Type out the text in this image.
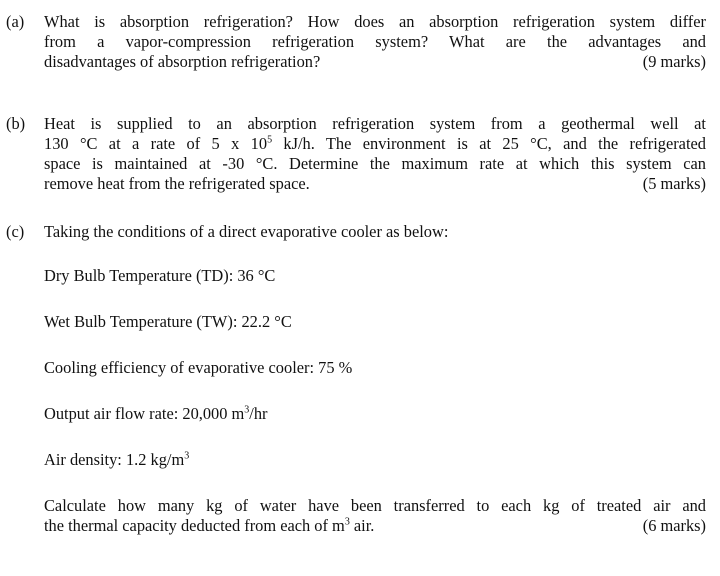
(a) What is absorption refrigeration? How does an absorption refrigeration system differ
from a vapor-compression refrigeration system? What are the advantages and
disadvantages of absorption refrigeration?	(9 marks)
(b) Heat is supplied to an absorption refrigeration system from a geothermal well at
130 °C at a rate of 5 x $10^5$ kJ/h. The environment is at 25 °C, and the refrigerated
space is maintained at -30 °C. Determine the maximum rate at which this system can
remove heat from the refrigerated space.	(5 marks)
(c) Taking the conditions of a direct evaporative cooler as below:
Dry Bulb Temperature (TD): 36 °C
Wet Bulb Temperature (TW): 22.2 °C
Cooling efficiency of evaporative cooler: 75 %
Output air flow rate: 20,000 $m^3/hr$
Air density: 1.2 $kg/m^3$
Calculate how many kg of water have been transferred to each kg of treated air and
the thermal capacity deducted from each of $m^3$ air.	(6 marks)
